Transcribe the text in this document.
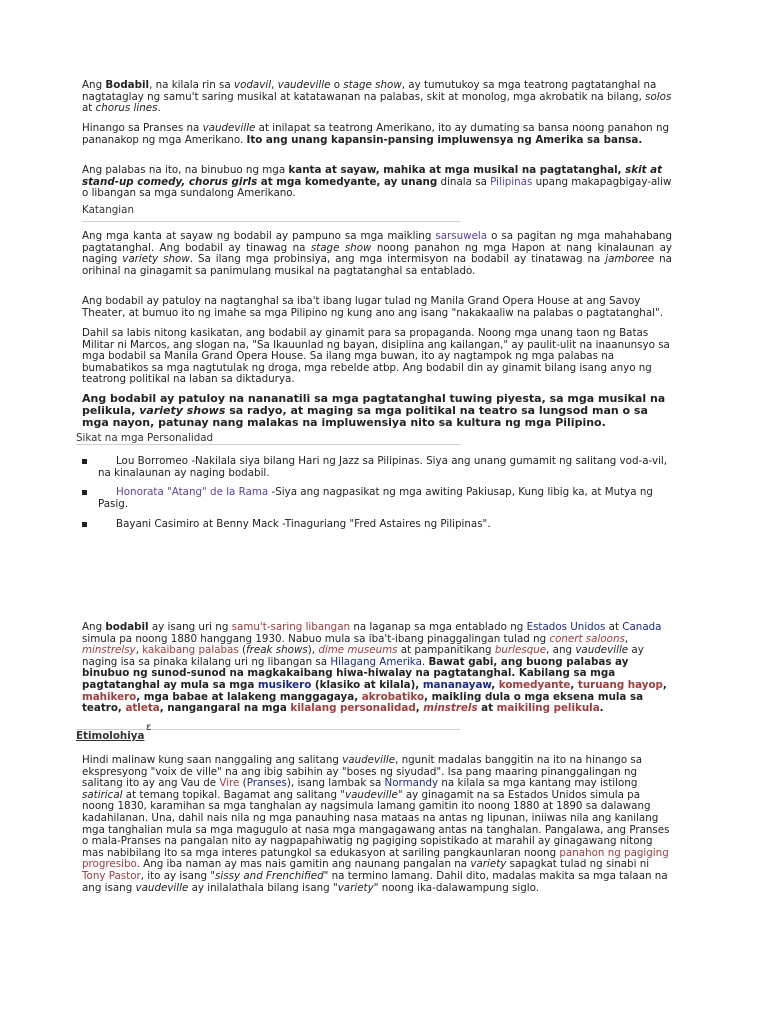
Ang Bodabil, na kilala rin sa vodavil, vaudeville o stage show, ay tumutukoy sa mga teatrong pagtatanghal na nagtataglay ng samu't saring musikal at katatawanan na palabas, skit at monolog, mga akrobatik na bilang, solos at chorus lines.

Hinango sa Pranses na vaudeville at inilapat sa teatrong Amerikano, ito ay dumating sa bansa noong panahon ng pananakop ng mga Amerikano. Ito ang unang kapansin-pansing impluwensya ng Amerika sa bansa.

Ang palabas na ito, na binubuo ng mga kanta at sayaw, mahika at mga musikal na pagtatanghal, skit at stand-up comedy, chorus girls at mga komedyante, ay unang dinala sa Pilipinas upang makapagbigay-aliw o libangan sa mga sundalong Amerikano.

Katangian

Ang mga kanta at sayaw ng bodabil ay pampuno sa mga maikling sarsuwela o sa pagitan ng mga mahahabang pagtatanghal. Ang bodabil ay tinawag na stage show noong panahon ng mga Hapon at nang kinalaunan ay naging variety show. Sa ilang mga probinsiya, ang mga intermisyon na bodabil ay tinatawag na jamboree na orihinal na ginagamit sa panimulang musikal na pagtatanghal sa entablado.

Ang bodabil ay patuloy na nagtanghal sa iba't ibang lugar tulad ng Manila Grand Opera House at ang Savoy Theater, at bumuo ito ng imahe sa mga Pilipino ng kung ano ang isang "nakakaaliw na palabas o pagtatanghal".

Dahil sa labis nitong kasikatan, ang bodabil ay ginamit para sa propaganda. Noong mga unang taon ng Batas Militar ni Marcos, ang slogan na, "Sa Ikauunlad ng bayan, disiplina ang kailangan," ay paulit-ulit na inaanunsyo sa mga bodabil sa Manila Grand Opera House. Sa ilang mga buwan, ito ay nagtampok ng mga palabas na bumabatikos sa mga nagtutulak ng droga, mga rebelde atbp. Ang bodabil din ay ginamit bilang isang anyo ng teatrong politikal na laban sa diktadurya.

Ang bodabil ay patuloy na nananatili sa mga pagtatanghal tuwing piyesta, sa mga musikal na pelikula, variety shows sa radyo, at maging sa mga politikal na teatro sa lungsod man o sa mga nayon, patunay nang malakas na impluwensiya nito sa kultura ng mga Pilipino.

Sikat na mga Personalidad
Lou Borromeo -Nakilala siya bilang Hari ng Jazz sa Pilipinas. Siya ang unang gumamit ng salitang vod-a-vil, na kinalaunan ay naging bodabil.
Honorata "Atang" de la Rama -Siya ang nagpasikat ng mga awiting Pakiusap, Kung Iibig ka, at Mutya ng Pasig.
Bayani Casimiro at Benny Mack -Tinaguriang "Fred Astaires ng Pilipinas".

Ang bodabil ay isang uri ng samu't-saring libangan na laganap sa mga entablado ng Estados Unidos at Canada simula pa noong 1880 hanggang 1930. Nabuo mula sa iba't-ibang pinaggalingan tulad ng conert saloons, minstrelsy, kakaibang palabas (freak shows), dime museums at pampanitikang burlesque, ang vaudeville ay naging isa sa pinaka kilalang uri ng libangan sa Hilagang Amerika. Bawat gabi, ang buong palabas ay binubuo ng sunod-sunod na magkakaibang hiwa-hiwalay na pagtatanghal. Kabilang sa mga pagtatanghal ay mula sa mga musikero (klasiko at kilala), mananayaw, komedyante, turuang hayop, mahikero, mga babae at lalakeng manggagaya, akrobatiko, maikling dula o mga eksena mula sa teatro, atleta, nangangaral na mga kilalang personalidad, minstrels at maikiling pelikula.

Etimolohiya
ε

Hindi malinaw kung saan nanggaling ang salitang vaudeville, ngunit madalas banggitin na ito na hinango sa ekspresyong "voix de ville" na ang ibig sabihin ay "boses ng siyudad". Isa pang maaring pinanggalingan ng salitang ito ay ang Vau de Vire (Pranses), isang lambak sa Normandy na kilala sa mga kantang may istilong satirical at temang topikal. Bagamat ang salitang "vaudeville" ay ginagamit na sa Estados Unidos simula pa noong 1830, karamihan sa mga tanghalan ay nagsimula lamang gamitin ito noong 1880 at 1890 sa dalawang kadahilanan. Una, dahil nais nila ng mga panauhing nasa mataas na antas ng lipunan, iniiwas nila ang kanilang mga tanghalian mula sa mga magugulo at nasa mga mangagawang antas na tanghalan. Pangalawa, ang Pranses o mala-Pranses na pangalan nito ay nagpapahiwatig ng pagiging sopistikado at marahil ay ginagawang nitong mas nabibilang ito sa mga interes patungkol sa edukasyon at sariling pangkaunlaran noong panahon ng pagiging progresibo. Ang iba naman ay mas nais gamitin ang naunang pangalan na variety sapagkat tulad ng sinabi ni Tony Pastor, ito ay isang "sissy and Frenchified" na termino lamang. Dahil dito, madalas makita sa mga talaan na ang isang vaudeville ay inilalathala bilang isang "variety" noong ika-dalawampung siglo.
